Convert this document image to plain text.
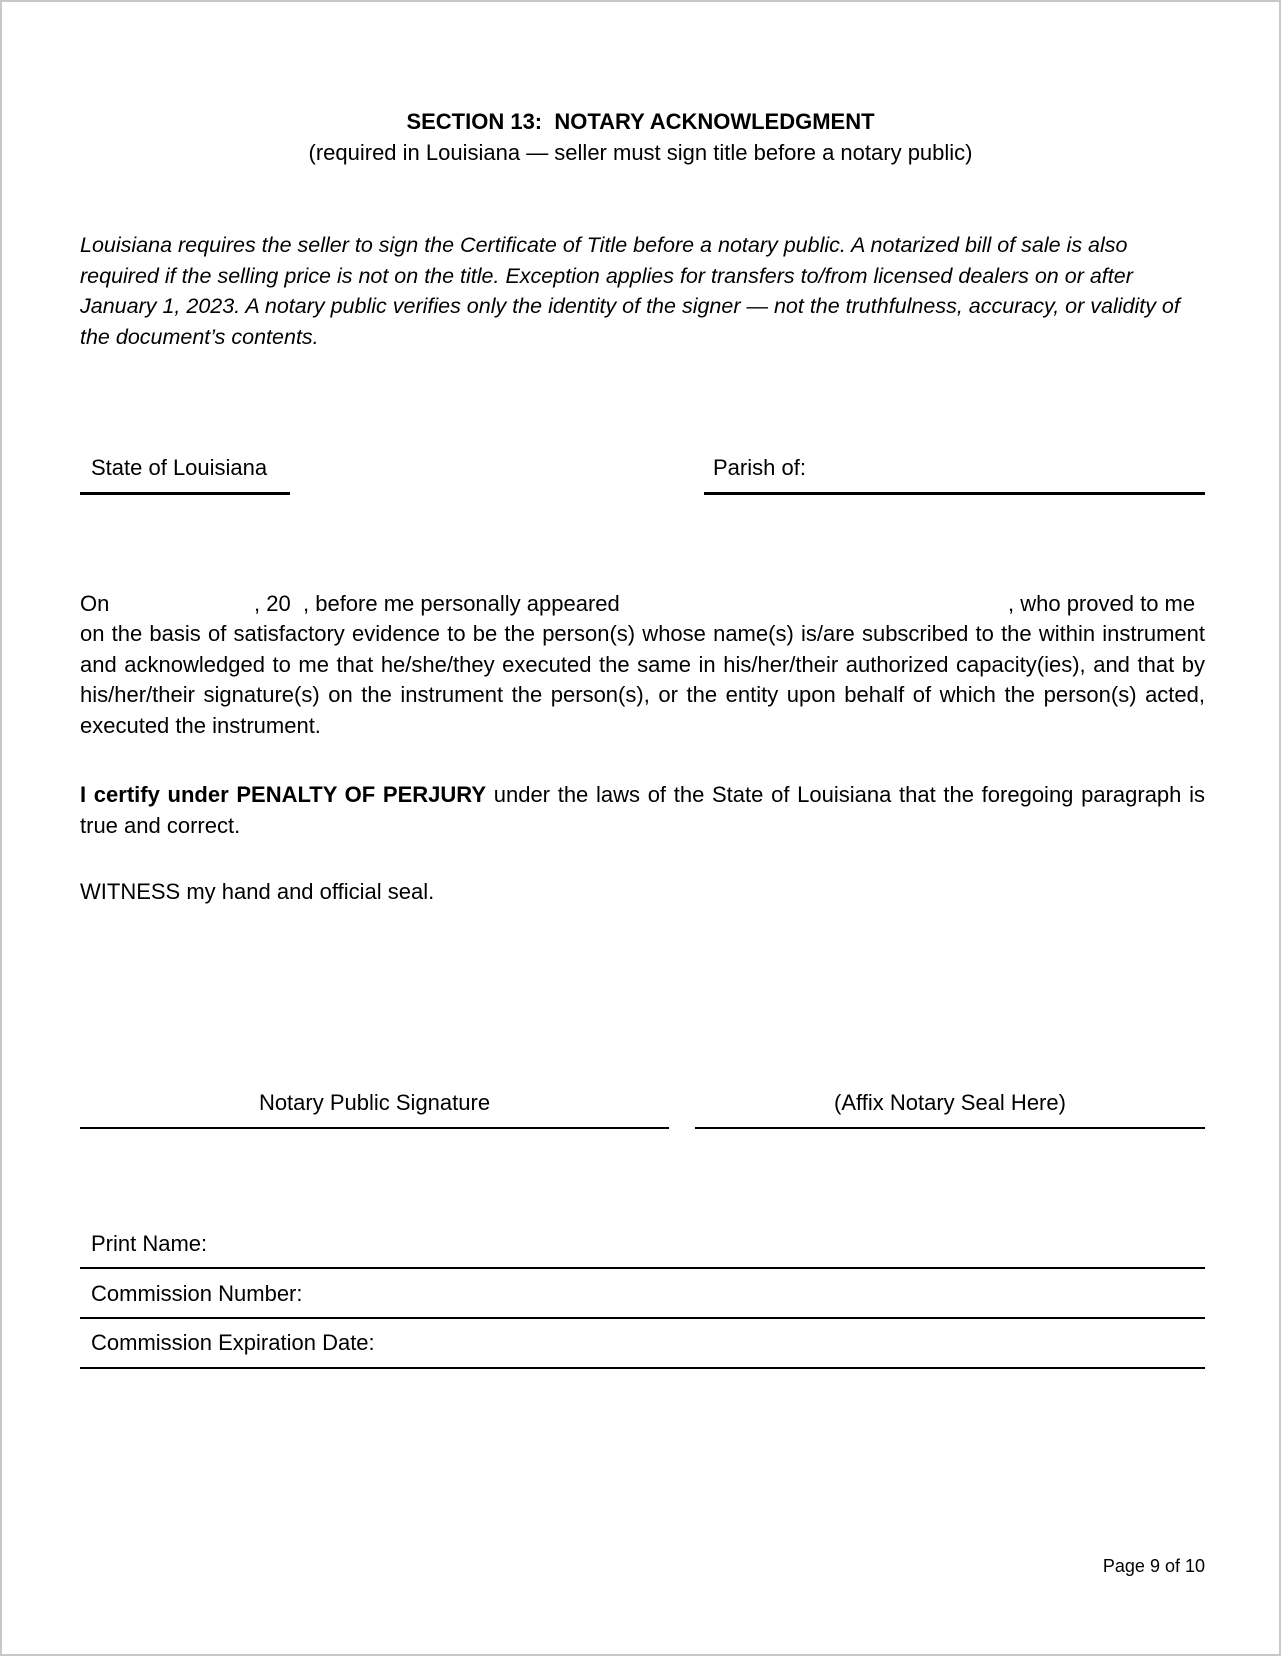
SECTION 13:  NOTARY ACKNOWLEDGMENT
(required in Louisiana — seller must sign title before a notary public)
Louisiana requires the seller to sign the Certificate of Title before a notary public. A notarized bill of sale is also required if the selling price is not on the title. Exception applies for transfers to/from licensed dealers on or after January 1, 2023. A notary public verifies only the identity of the signer — not the truthfulness, accuracy, or validity of the document’s contents.
State of Louisiana	Parish of:
On	, 20 , before me personally appeared	, who proved to me
on the basis of satisfactory evidence to be the person(s) whose name(s) is/are subscribed to the within instrument and acknowledged to me that he/she/they executed the same in his/her/their authorized capacity(ies), and that by his/her/their signature(s) on the instrument the person(s), or the entity upon behalf of which the person(s) acted, executed the instrument.
I certify under PENALTY OF PERJURY under the laws of the State of Louisiana that the foregoing paragraph is true and correct.
WITNESS my hand and official seal.
Notary Public Signature	(Affix Notary Seal Here)
Print Name:
Commission Number:
Commission Expiration Date:
Page 9 of 10
